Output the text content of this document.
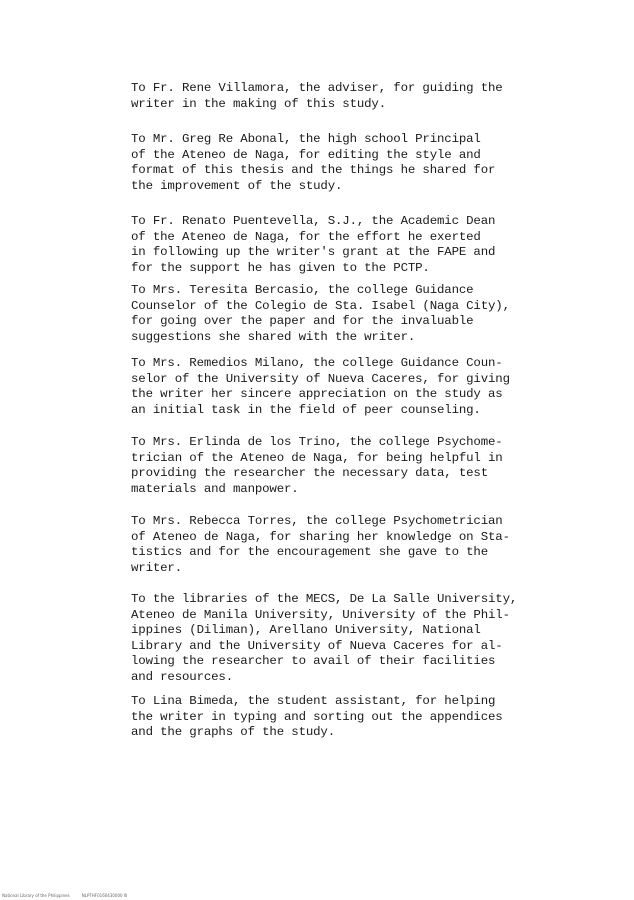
To Fr. Rene Villamora, the adviser, for guiding the
writer in the making of this study.

To Mr. Greg Re Abonal, the high school Principal
of the Ateneo de Naga, for editing the style and
format of this thesis and the things he shared for
the improvement of the study.

To Fr. Renato Puentevella, S.J., the Academic Dean
of the Ateneo de Naga, for the effort he exerted
in following up the writer's grant at the FAPE and
for the support he has given to the PCTP.

To Mrs. Teresita Bercasio, the college Guidance
Counselor of the Colegio de Sta. Isabel (Naga City),
for going over the paper and for the invaluable
suggestions she shared with the writer.

To Mrs. Remedios Milano, the college Guidance Coun-
selor of the University of Nueva Caceres, for giving
the writer her sincere appreciation on the study as
an initial task in the field of peer counseling.

To Mrs. Erlinda de los Trino, the college Psychome-
trician of the Ateneo de Naga, for being helpful in
providing the researcher the necessary data, test
materials and manpower.

To Mrs. Rebecca Torres, the college Psychometrician
of Ateneo de Naga, for sharing her knowledge on Sta-
tistics and for the encouragement she gave to the
writer.

To the libraries of the MECS, De La Salle University,
Ateneo de Manila University, University of the Phil-
ippines (Diliman), Arellano University, National
Library and the University of Nueva Caceres for al-
lowing the researcher to avail of their facilities
and resources.

To Lina Bimeda, the student assistant, for helping
the writer in typing and sorting out the appendices
and the graphs of the study.

National Library of the Philippines	NLPTHF0160430000 III
